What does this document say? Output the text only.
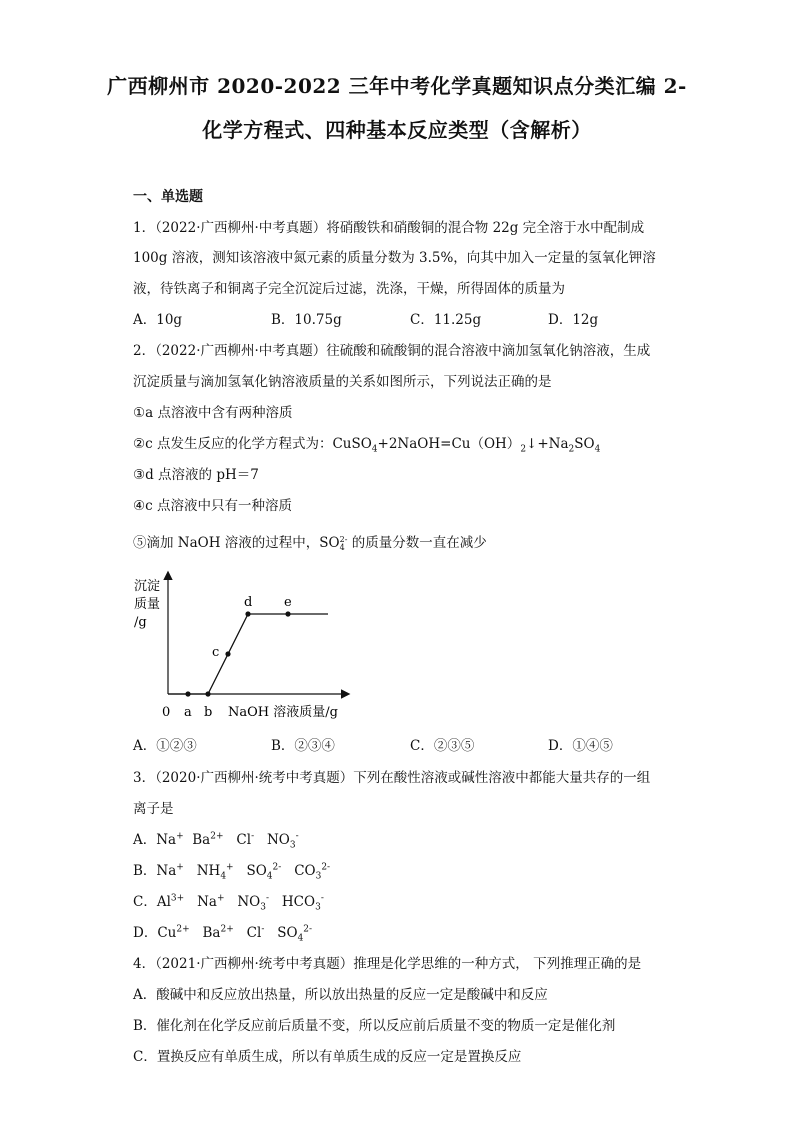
广西柳州市 2020-2022 三年中考化学真题知识点分类汇编 2-
化学方程式、四种基本反应类型（含解析）
一、单选题
1．（2022·广西柳州·中考真题）将硝酸铁和硝酸铜的混合物 22g 完全溶于水中配制成
100g 溶液，测知该溶液中氮元素的质量分数为 3.5%，向其中加入一定量的氢氧化钾溶
液，待铁离子和铜离子完全沉淀后过滤，洗涤，干燥，所得固体的质量为
A．10g	B．10.75g	C．11.25g	D．12g
2．（2022·广西柳州·中考真题）往硫酸和硫酸铜的混合溶液中滴加氢氧化钠溶液，生成
沉淀质量与滴加氢氧化钠溶液质量的关系如图所示，下列说法正确的是
①a 点溶液中含有两种溶质
②c 点发生反应的化学方程式为：$CuSO_4+2NaOH=Cu(OH)_2↓+Na_2SO_4$
③d 点溶液的 pH＝7
④c 点溶液中只有一种溶质
⑤滴加 NaOH 溶液的过程中，SO 2-
4 的质量分数一直在减少
沉淀
质量
/g
NaOH 溶液质量/g
0 a b
c
d e
A．①②③	B．②③④	C．②③⑤	D．①④⑤
3．（2020·广西柳州·统考中考真题）下列在酸性溶液或碱性溶液中都能大量共存的一组
离子是
A．Na+ $Ba^{2+}$ Cl- $NO_3^-$
B．Na+ $NH_4^+$ $SO_4^{2-}$ $CO_3^{2-}$
C．$Al^{3+}$ Na+ $NO_3^-$ $HCO_3^-$
D．$Cu^{2+}$ $Ba^{2+}$ Cl- $SO_4^{2-}$
4．（2021·广西柳州·统考中考真题）推理是化学思维的一种方式， 下列推理正确的是
A．酸碱中和反应放出热量，所以放出热量的反应一定是酸碱中和反应
B．催化剂在化学反应前后质量不变，所以反应前后质量不变的物质一定是催化剂
C．置换反应有单质生成，所以有单质生成的反应一定是置换反应
